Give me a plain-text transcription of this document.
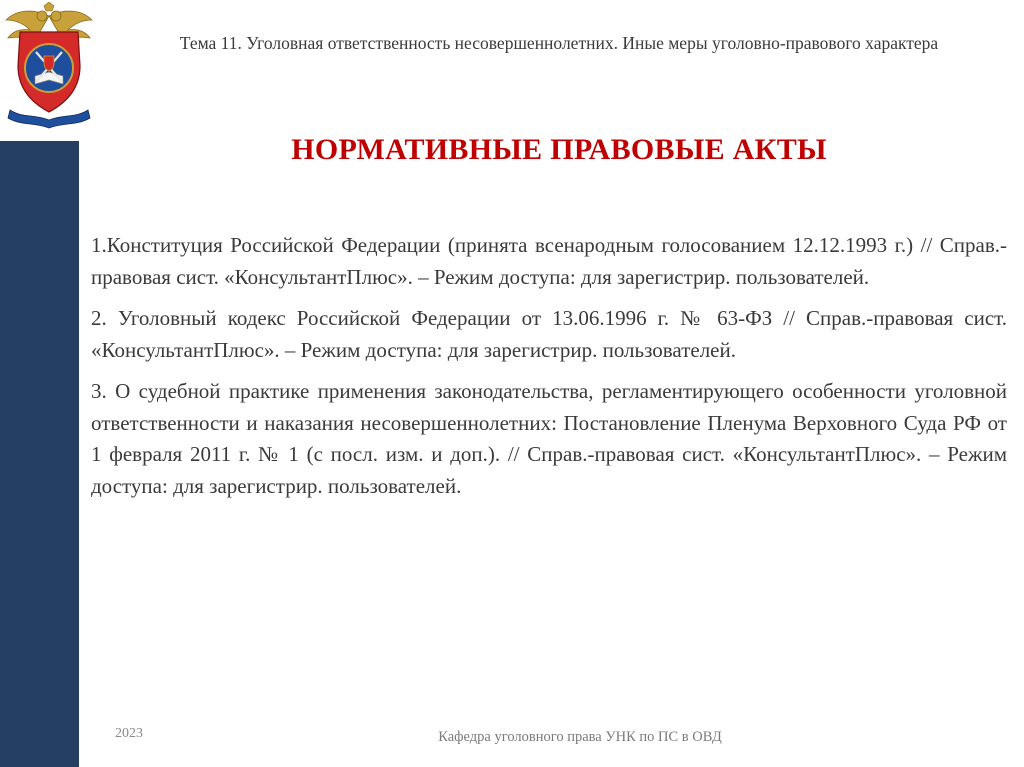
Тема 11. Уголовная ответственность несовершеннолетних. Иные меры уголовно-правового характера
НОРМАТИВНЫЕ ПРАВОВЫЕ АКТЫ

1.Конституция Российской Федерации (принята всенародным голосованием 12.12.1993 г.) // Справ.-правовая сист. «КонсультантПлюс». – Режим доступа: для зарегистрир. пользователей.

2. Уголовный кодекс Российской Федерации от 13.06.1996 г. № 63-ФЗ // Справ.-правовая сист. «КонсультантПлюс». – Режим доступа: для зарегистрир. пользователей.

3. О судебной практике применения законодательства, регламентирующего особенности уголовной ответственности и наказания несовершеннолетних: Постановление Пленума Верховного Суда РФ от 1 февраля 2011 г. № 1 (с посл. изм. и доп.). // Справ.-правовая сист. «КонсультантПлюс». – Режим доступа: для зарегистрир. пользователей.

2023	Кафедра уголовного права УНК по ПС в ОВД
